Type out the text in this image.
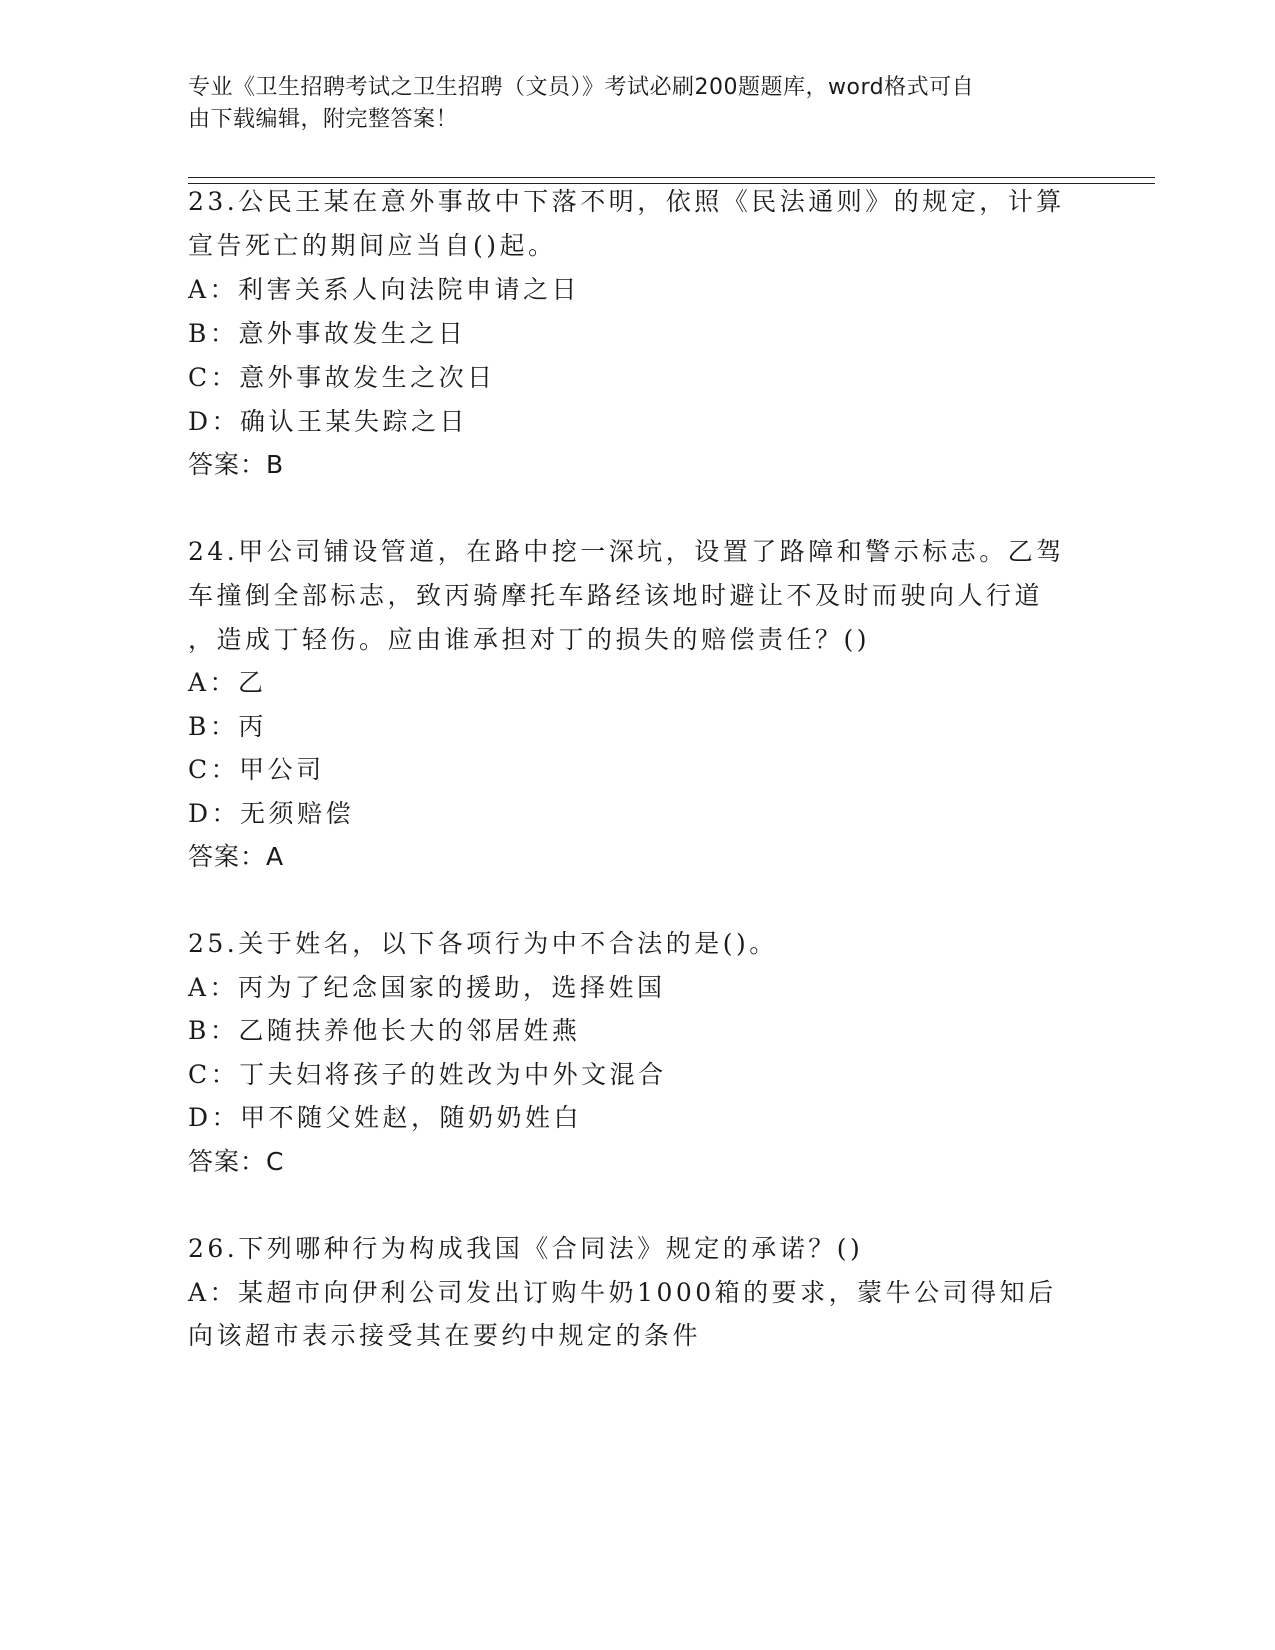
专业《卫生招聘考试之卫生招聘（文员）》考试必刷200题题库，word格式可自
由下载编辑，附完整答案！
23.公民王某在意外事故中下落不明，依照《民法通则》的规定，计算
宣告死亡的期间应当自()起。
A：利害关系人向法院申请之日
B：意外事故发生之日
C：意外事故发生之次日
D：确认王某失踪之日
答案：B
24.甲公司铺设管道，在路中挖一深坑，设置了路障和警示标志。乙驾
车撞倒全部标志，致丙骑摩托车路经该地时避让不及时而驶向人行道
，造成丁轻伤。应由谁承担对丁的损失的赔偿责任？()
A：乙
B：丙
C：甲公司
D：无须赔偿
答案：A
25.关于姓名，以下各项行为中不合法的是()。
A：丙为了纪念国家的援助，选择姓国
B：乙随扶养他长大的邻居姓燕
C：丁夫妇将孩子的姓改为中外文混合
D：甲不随父姓赵，随奶奶姓白
答案：C
26.下列哪种行为构成我国《合同法》规定的承诺？()
A：某超市向伊利公司发出订购牛奶1000箱的要求，蒙牛公司得知后
向该超市表示接受其在要约中规定的条件
